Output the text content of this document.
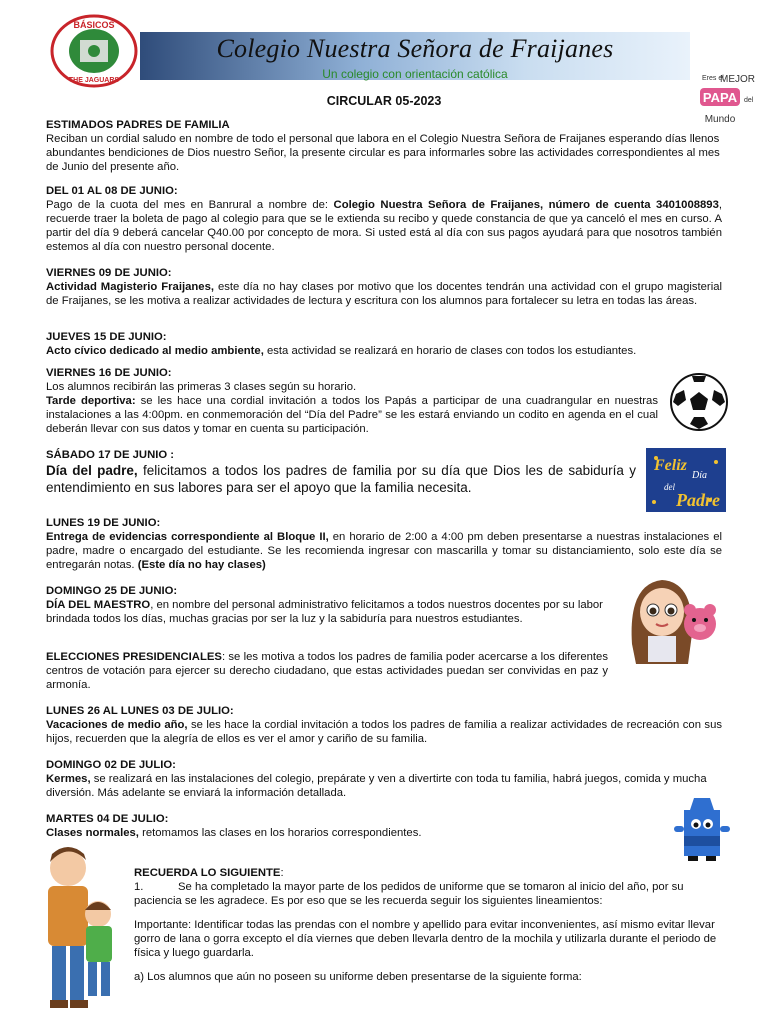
BÁSICOS
THE JAGUARS
Colegio Nuestra Señora de Fraijanes
Un colegio con orientación católica	Eres el
MEJOR
PAPA del
Mundo
CIRCULAR 05-2023
ESTIMADOS PADRES DE FAMILIA
Reciban un cordial saludo en nombre de todo el personal que labora en el Colegio Nuestra Señora de Fraijanes esperando días llenos abundantes bendiciones de Dios nuestro Señor, la presente circular es para informarles sobre las actividades correspondientes al mes de Junio del presente año.
DEL 01 AL 08 DE JUNIO:
Pago de la cuota del mes en Banrural a nombre de: Colegio Nuestra Señora de Fraijanes, número de cuenta 3401008893, recuerde traer la boleta de pago al colegio para que se le extienda su recibo y quede constancia de que ya canceló el mes en curso. A partir del día 9 deberá cancelar Q40.00 por concepto de mora. Si usted está al día con sus pagos ayudará para que nosotros también estemos al día con nuestro personal docente.
VIERNES 09 DE JUNIO:
Actividad Magisterio Fraijanes, este día no hay clases por motivo que los docentes tendrán una actividad con el grupo magisterial de Fraijanes, se les motiva a realizar actividades de lectura y escritura con los alumnos para fortalecer su letra en todas las áreas.
JUEVES 15 DE JUNIO:
Acto cívico dedicado al medio ambiente, esta actividad se realizará en horario de clases con todos los estudiantes.
VIERNES 16 DE JUNIO:
Los alumnos recibirán las primeras 3 clases según su horario.
Tarde deportiva: se les hace una cordial invitación a todos los Papás a participar de una cuadrangular en nuestras instalaciones a las 4:00pm. en conmemoración del “Día del Padre” se les estará enviando un codito en agenda en el cual deberán llevar con sus datos y tomar en cuenta su participación.
SÁBADO 17 DE JUNIO :
Día del padre, felicitamos a todos los padres de familia por su día que Dios les de sabiduría y entendimiento en sus labores para ser el apoyo que la familia necesita.
Feliz
Día
del
Padre
LUNES 19 DE JUNIO:
Entrega de evidencias correspondiente al Bloque II, en horario de 2:00 a 4:00 pm deben presentarse a nuestras instalaciones el padre, madre o encargado del estudiante. Se les recomienda ingresar con mascarilla y tomar su distanciamiento, solo este día se entregarán notas. (Este día no hay clases)
DOMINGO 25 DE JUNIO:
DÍA DEL MAESTRO, en nombre del personal administrativo felicitamos a todos nuestros docentes por su labor brindada todos los días, muchas gracias por ser la luz y la sabiduría para nuestros estudiantes.
ELECCIONES PRESIDENCIALES: se les motiva a todos los padres de familia poder acercarse a los diferentes centros de votación para ejercer su derecho ciudadano, que estas actividades puedan ser convividas en paz y armonía.
LUNES 26 AL LUNES 03 DE JULIO:
Vacaciones de medio año, se les hace la cordial invitación a todos los padres de familia a realizar actividades de recreación con sus hijos, recuerden que la alegría de ellos es ver el amor y cariño de su familia.
DOMINGO 02 DE JULIO:
Kermes, se realizará en las instalaciones del colegio, prepárate y ven a divertirte con toda tu familia, habrá juegos, comida y mucha diversión. Más adelante se enviará la información detallada.
MARTES 04 DE JULIO:
Clases normales, retomamos las clases en los horarios correspondientes.
RECUERDA LO SIGUIENTE:
1.	Se ha completado la mayor parte de los pedidos de uniforme que se tomaron al inicio del año, por su paciencia se les agradece. Es por eso que se les recuerda seguir los siguientes lineamientos:
Importante: Identificar todas las prendas con el nombre y apellido para evitar inconvenientes, así mismo evitar llevar gorro de lana o gorra excepto el día viernes que deben llevarla dentro de la mochila y utilizarla durante el periodo de física y luego guardarla.
a) Los alumnos que aún no poseen su uniforme deben presentarse de la siguiente forma:
